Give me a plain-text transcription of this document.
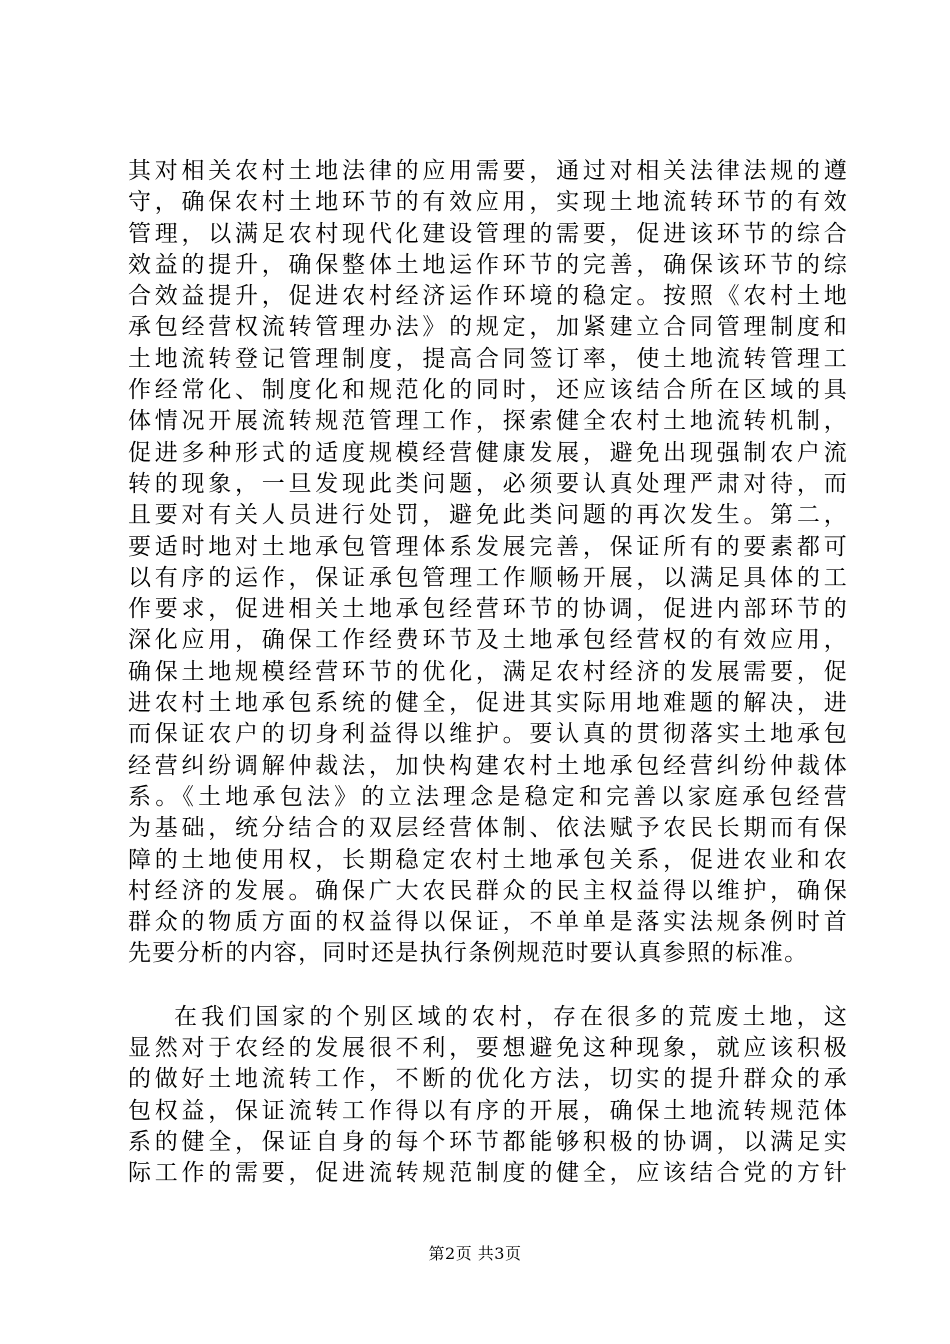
其对相关农村土地法律的应用需要，通过对相关法律法规的遵
守，确保农村土地环节的有效应用，实现土地流转环节的有效
管理，以满足农村现代化建设管理的需要，促进该环节的综合
效益的提升，确保整体土地运作环节的完善，确保该环节的综
合效益提升，促进农村经济运作环境的稳定。按照《农村土地
承包经营权流转管理办法》的规定，加紧建立合同管理制度和
土地流转登记管理制度，提高合同签订率，使土地流转管理工
作经常化、制度化和规范化的同时，还应该结合所在区域的具
体情况开展流转规范管理工作，探索健全农村土地流转机制，
促进多种形式的适度规模经营健康发展，避免出现强制农户流
转的现象，一旦发现此类问题，必须要认真处理严肃对待，而
且要对有关人员进行处罚，避免此类问题的再次发生。第二，
要适时地对土地承包管理体系发展完善，保证所有的要素都可
以有序的运作，保证承包管理工作顺畅开展，以满足具体的工
作要求，促进相关土地承包经营环节的协调，促进内部环节的
深化应用，确保工作经费环节及土地承包经营权的有效应用，
确保土地规模经营环节的优化，满足农村经济的发展需要，促
进农村土地承包系统的健全，促进其实际用地难题的解决，进
而保证农户的切身利益得以维护。要认真的贯彻落实土地承包
经营纠纷调解仲裁法，加快构建农村土地承包经营纠纷仲裁体
系。《土地承包法》的立法理念是稳定和完善以家庭承包经营
为基础，统分结合的双层经营体制、依法赋予农民长期而有保
障的土地使用权，长期稳定农村土地承包关系，促进农业和农
村经济的发展。确保广大农民群众的民主权益得以维护，确保
群众的物质方面的权益得以保证，不单单是落实法规条例时首
先要分析的内容，同时还是执行条例规范时要认真参照的标准。
在我们国家的个别区域的农村，存在很多的荒废土地，这
显然对于农经的发展很不利，要想避免这种现象，就应该积极
的做好土地流转工作，不断的优化方法，切实的提升群众的承
包权益，保证流转工作得以有序的开展，确保土地流转规范体
系的健全，保证自身的每个环节都能够积极的协调，以满足实
际工作的需要，促进流转规范制度的健全，应该结合党的方针
第2页 共3页
